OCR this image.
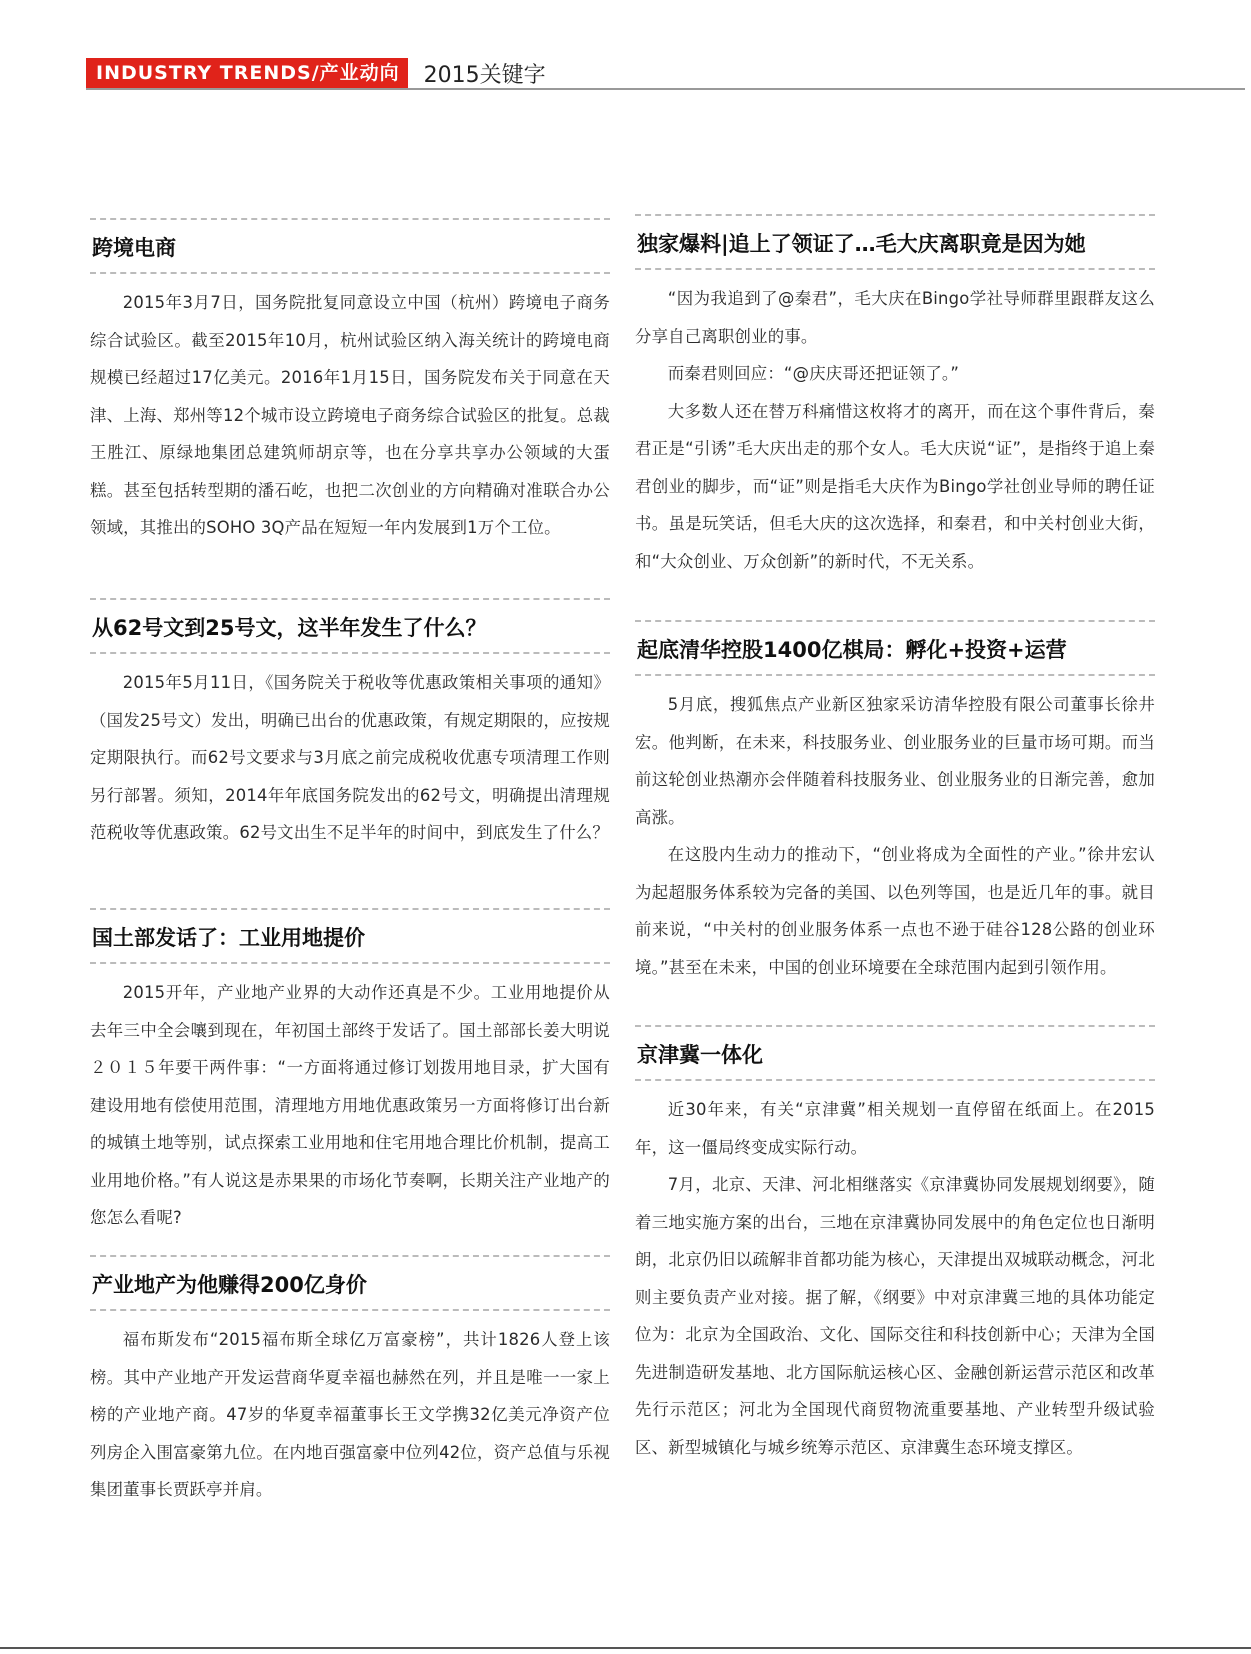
INDUSTRY TRENDS/产业动向	2015关键字
跨境电商

2015年3月7日，国务院批复同意设立中国（杭州）跨境电子商务综合试验区。截至2015年10月，杭州试验区纳入海关统计的跨境电商规模已经超过17亿美元。2016年1月15日，国务院发布关于同意在天津、上海、郑州等12个城市设立跨境电子商务综合试验区的批复。总裁王胜江、原绿地集团总建筑师胡京等，也在分享共享办公领域的大蛋糕。甚至包括转型期的潘石屹，也把二次创业的方向精确对准联合办公领域，其推出的SOHO 3Q产品在短短一年内发展到1万个工位。

从62号文到25号文，这半年发生了什么？

2015年5月11日，《国务院关于税收等优惠政策相关事项的通知》（国发25号文）发出，明确已出台的优惠政策，有规定期限的，应按规定期限执行。而62号文要求与3月底之前完成税收优惠专项清理工作则另行部署。须知，2014年年底国务院发出的62号文，明确提出清理规范税收等优惠政策。62号文出生不足半年的时间中，到底发生了什么？

国土部发话了：工业用地提价

2015开年，产业地产业界的大动作还真是不少。工业用地提价从去年三中全会嚷到现在，年初国土部终于发话了。国土部部长姜大明说２０１５年要干两件事：“一方面将通过修订划拨用地目录，扩大国有建设用地有偿使用范围，清理地方用地优惠政策另一方面将修订出台新的城镇土地等别，试点探索工业用地和住宅用地合理比价机制，提高工业用地价格。”有人说这是赤果果的市场化节奏啊，长期关注产业地产的您怎么看呢?

产业地产为他赚得200亿身价

福布斯发布“2015福布斯全球亿万富豪榜”，共计1826人登上该榜。其中产业地产开发运营商华夏幸福也赫然在列，并且是唯一一家上榜的产业地产商。47岁的华夏幸福董事长王文学携32亿美元净资产位列房企入围富豪第九位。在内地百强富豪中位列42位，资产总值与乐视集团董事长贾跃亭并肩。

独家爆料|追上了领证了…毛大庆离职竟是因为她

“因为我追到了@秦君”，毛大庆在Bingo学社导师群里跟群友这么分享自己离职创业的事。

而秦君则回应：“@庆庆哥还把证领了。”

大多数人还在替万科痛惜这枚将才的离开，而在这个事件背后，秦君正是“引诱”毛大庆出走的那个女人。毛大庆说“证”，是指终于追上秦君创业的脚步，而“证”则是指毛大庆作为Bingo学社创业导师的聘任证书。虽是玩笑话，但毛大庆的这次选择，和秦君，和中关村创业大街，和“大众创业、万众创新”的新时代，不无关系。

起底清华控股1400亿棋局：孵化+投资+运营

5月底，搜狐焦点产业新区独家采访清华控股有限公司董事长徐井宏。他判断，在未来，科技服务业、创业服务业的巨量市场可期。而当前这轮创业热潮亦会伴随着科技服务业、创业服务业的日渐完善，愈加高涨。

在这股内生动力的推动下，“创业将成为全面性的产业。”徐井宏认为起超服务体系较为完备的美国、以色列等国，也是近几年的事。就目前来说，“中关村的创业服务体系一点也不逊于硅谷128公路的创业环境。”甚至在未来，中国的创业环境要在全球范围内起到引领作用。

京津冀一体化

近30年来，有关“京津冀”相关规划一直停留在纸面上。在2015年，这一僵局终变成实际行动。

7月，北京、天津、河北相继落实《京津冀协同发展规划纲要》，随着三地实施方案的出台，三地在京津冀协同发展中的角色定位也日渐明朗，北京仍旧以疏解非首都功能为核心，天津提出双城联动概念，河北则主要负责产业对接。据了解，《纲要》中对京津冀三地的具体功能定位为：北京为全国政治、文化、国际交往和科技创新中心；天津为全国先进制造研发基地、北方国际航运核心区、金融创新运营示范区和改革先行示范区；河北为全国现代商贸物流重要基地、产业转型升级试验区、新型城镇化与城乡统筹示范区、京津冀生态环境支撑区。
